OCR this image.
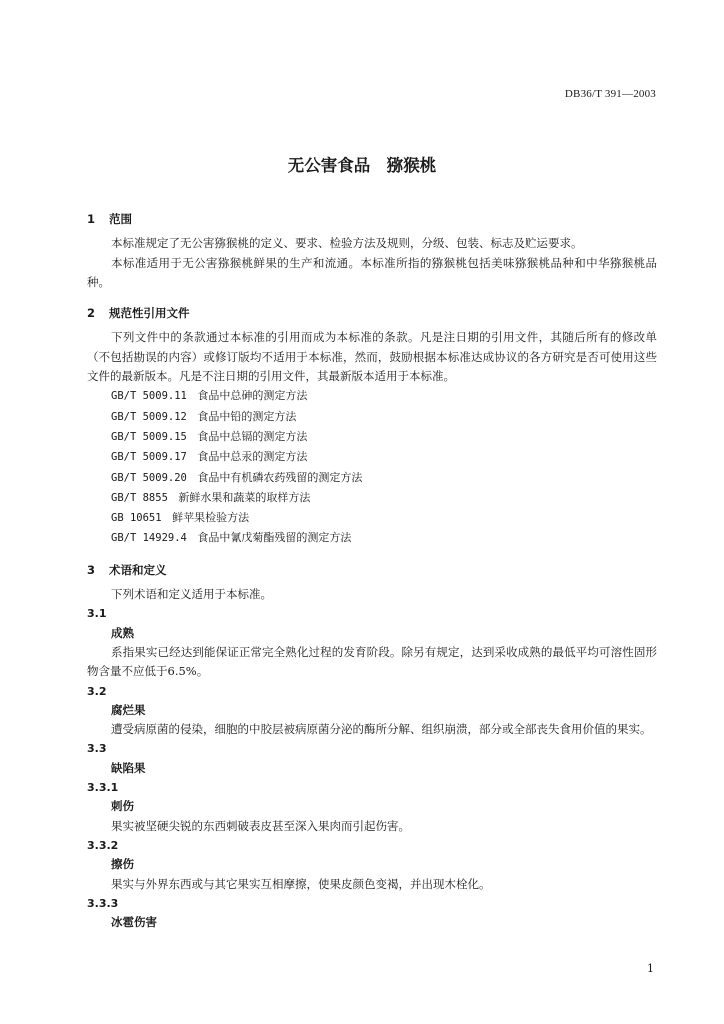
DB36/T 391—2003
无公害食品　猕猴桃
1 范围

本标准规定了无公害猕猴桃的定义、要求、检验方法及规则，分级、包装、标志及贮运要求。

本标准适用于无公害猕猴桃鲜果的生产和流通。本标准所指的猕猴桃包括美味猕猴桃品种和中华猕猴桃品种。

2 规范性引用文件

下列文件中的条款通过本标准的引用而成为本标准的条款。凡是注日期的引用文件，其随后所有的修改单（不包括勘误的内容）或修订版均不适用于本标准，然而，鼓励根据本标准达成协议的各方研究是否可使用这些文件的最新版本。凡是不注日期的引用文件，其最新版本适用于本标准。

GB/T 5009.11 食品中总砷的测定方法

GB/T 5009.12 食品中铅的测定方法

GB/T 5009.15 食品中总镉的测定方法

GB/T 5009.17 食品中总汞的测定方法

GB/T 5009.20 食品中有机磷农药残留的测定方法

GB/T 8855 新鲜水果和蔬菜的取样方法

GB 10651 鲜苹果检验方法

GB/T 14929.4 食品中氰戊菊酯残留的测定方法

3 术语和定义

下列术语和定义适用于本标准。

3.1

成熟

系指果实已经达到能保证正常完全熟化过程的发育阶段。除另有规定，达到采收成熟的最低平均可溶性固形物含量不应低于6.5%。

3.2

腐烂果

遭受病原菌的侵染，细胞的中胶层被病原菌分泌的酶所分解、组织崩溃，部分或全部丧失食用价值的果实。

3.3

缺陷果

3.3.1

刺伤

果实被坚硬尖锐的东西刺破表皮甚至深入果肉而引起伤害。

3.3.2

擦伤

果实与外界东西或与其它果实互相摩擦，使果皮颜色变褐，并出现木栓化。

3.3.3

冰雹伤害

1
